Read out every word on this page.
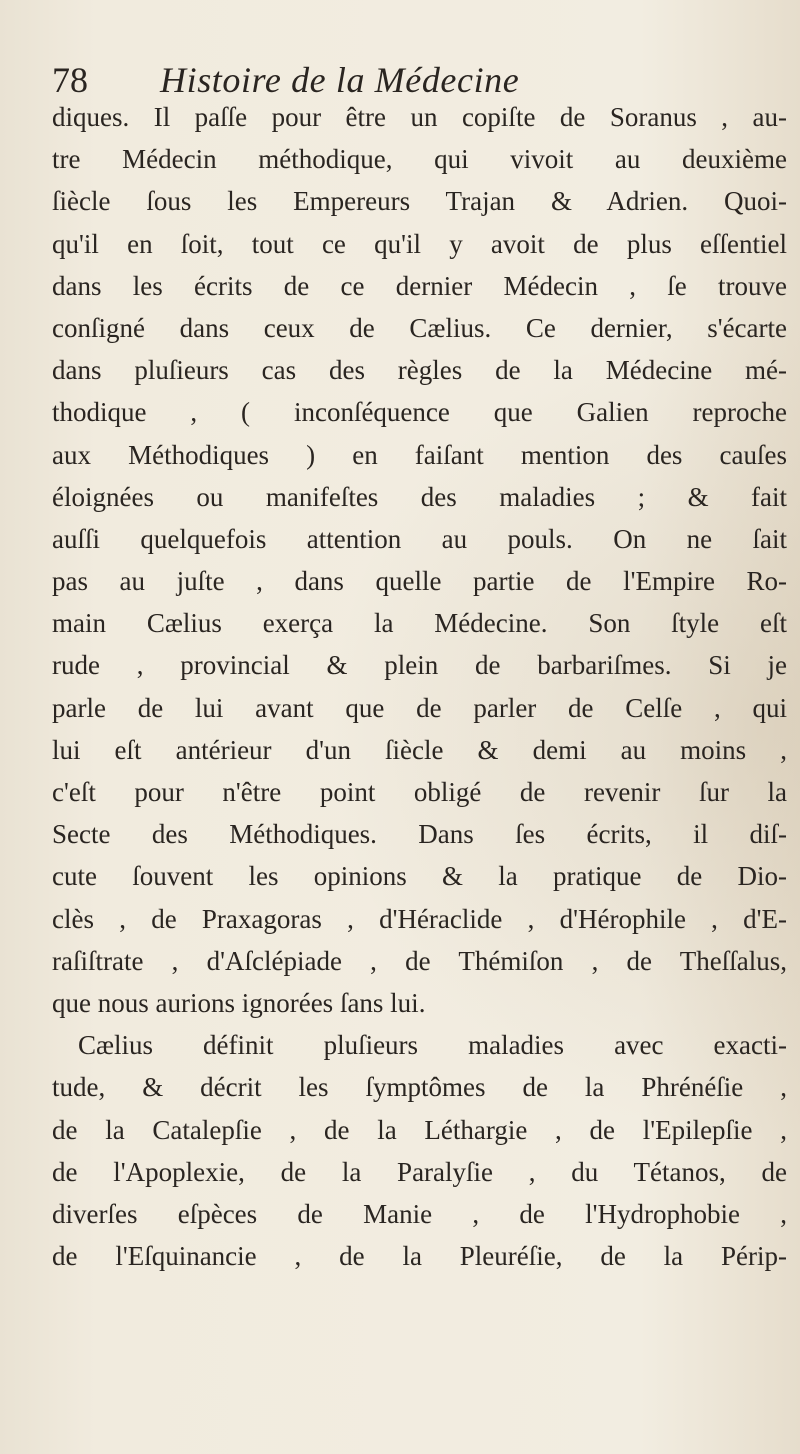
78 Histoire de la Médecine
diques. Il paſſe pour être un copiſte de Soranus , au-
tre Médecin méthodique, qui vivoit au deuxième
ſiècle ſous les Empereurs Trajan & Adrien. Quoi-
qu'il en ſoit, tout ce qu'il y avoit de plus eſſentiel
dans les écrits de ce dernier Médecin , ſe trouve
conſigné dans ceux de Cælius. Ce dernier, s'écarte
dans pluſieurs cas des règles de la Médecine mé-
thodique , ( inconſéquence que Galien reproche
aux Méthodiques ) en faiſant mention des cauſes
éloignées ou manifeſtes des maladies ; & fait
auſſi quelquefois attention au pouls. On ne ſait
pas au juſte , dans quelle partie de l'Empire Ro-
main Cælius exerça la Médecine. Son ſtyle eſt
rude , provincial & plein de barbariſmes. Si je
parle de lui avant que de parler de Celſe , qui
lui eſt antérieur d'un ſiècle & demi au moins ,
c'eſt pour n'être point obligé de revenir ſur la
Secte des Méthodiques. Dans ſes écrits, il diſ-
cute ſouvent les opinions & la pratique de Dio-
clès , de Praxagoras , d'Héraclide , d'Hérophile , d'E-
raſiſtrate , d'Aſclépiade , de Thémiſon , de Theſſalus,
que nous aurions ignorées ſans lui.
Cælius définit pluſieurs maladies avec exacti-
tude, & décrit les ſymptômes de la Phrénéſie ,
de la Catalepſie , de la Léthargie , de l'Epilepſie ,
de l'Apoplexie, de la Paralyſie , du Tétanos, de
diverſes eſpèces de Manie , de l'Hydrophobie ,
de l'Eſquinancie , de la Pleuréſie, de la Périp-
